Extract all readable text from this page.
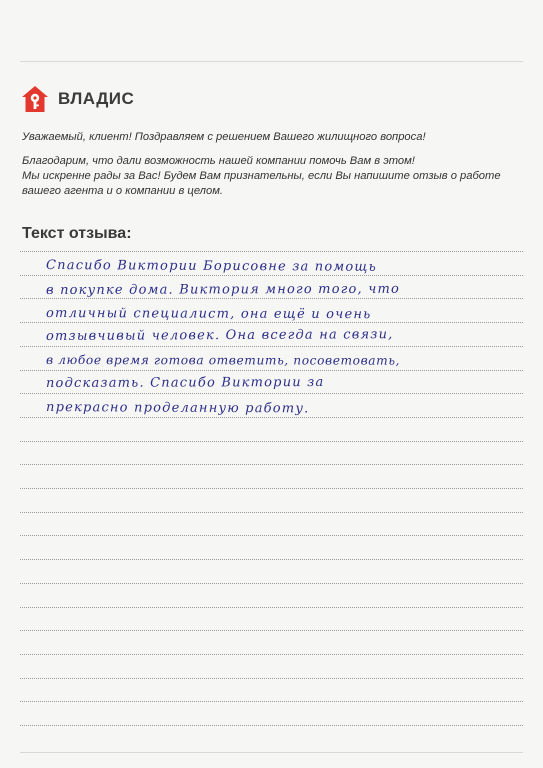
ВЛАДИС
Уважаемый, клиент! Поздравляем с решением Вашего жилищного вопроса!
Благодарим, что дали возможность нашей компании помочь Вам в этом!
Мы искренне рады за Вас! Будем Вам признательны, если Вы напишите отзыв о работе
вашего агента и о компании в целом.
Текст отзыва:
Спасибо Виктории Борисовне за помощь
в покупке дома. Виктория много того, что
отличный специалист, она ещё и очень
отзывчивый человек. Она всегда на связи,
в любое время готова ответить, посоветовать,
подсказать. Спасибо Виктории за
прекрасно проделанную работу.
